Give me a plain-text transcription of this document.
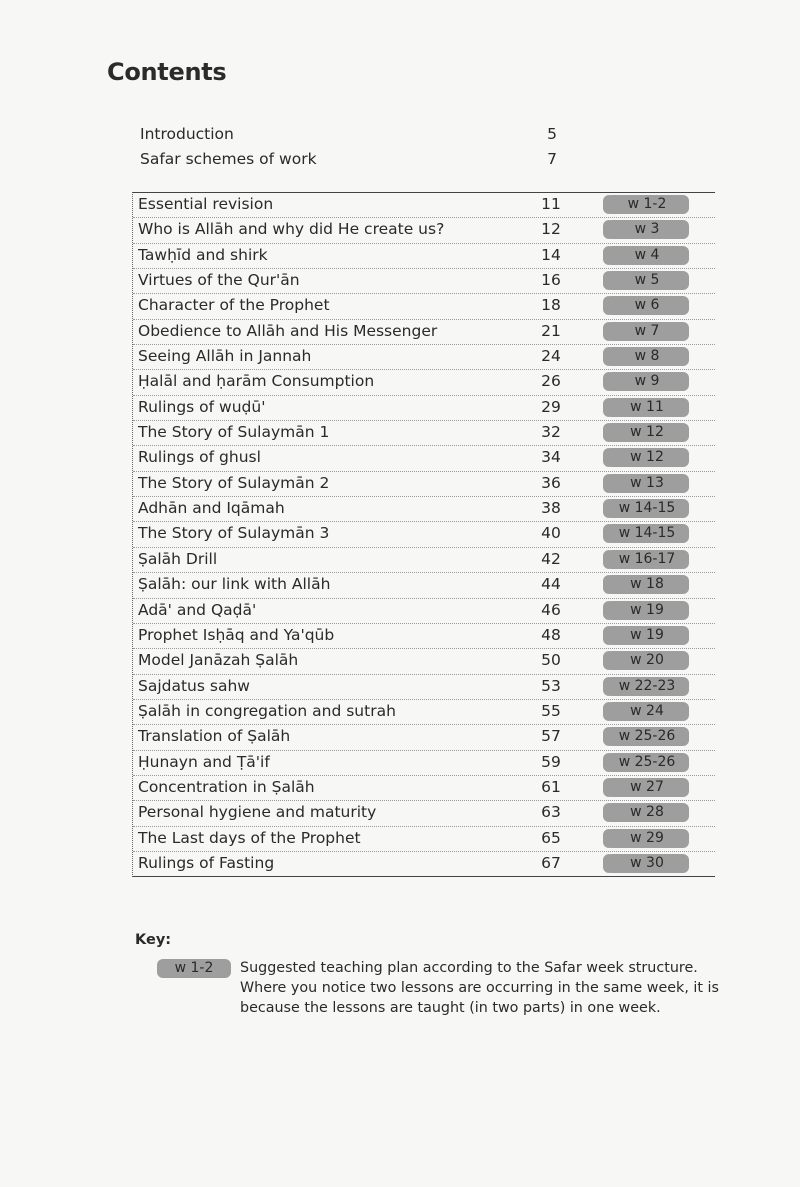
Contents
Introduction	5
Safar schemes of work	7
Essential revision	11	w 1-2
Who is Allāh and why did He create us?	12	w 3
Tawḥīd and shirk	14	w 4
Virtues of the Qur'ān	16	w 5
Character of the Prophet	18	w 6
Obedience to Allāh and His Messenger	21	w 7
Seeing Allāh in Jannah	24	w 8
Ḥalāl and ḥarām Consumption	26	w 9
Rulings of wuḍū'	29	w 11
The Story of Sulaymān 1	32	w 12
Rulings of ghusl	34	w 12
The Story of Sulaymān 2	36	w 13
Adhān and Iqāmah	38	w 14-15
The Story of Sulaymān 3	40	w 14-15
Ṣalāh Drill	42	w 16-17
Ṣalāh: our link with Allāh	44	w 18
Adā' and Qaḍā'	46	w 19
Prophet Isḥāq and Ya'qūb	48	w 19
Model Janāzah Ṣalāh	50	w 20
Sajdatus sahw	53	w 22-23
Ṣalāh in congregation and sutrah	55	w 24
Translation of Ṣalāh	57	w 25-26
Ḥunayn and Ṭā'if	59	w 25-26
Concentration in Ṣalāh	61	w 27
Personal hygiene and maturity	63	w 28
The Last days of the Prophet	65	w 29
Rulings of Fasting	67	w 30
Key:
w 1-2	Suggested teaching plan according to the Safar week structure.
Where you notice two lessons are occurring in the same week, it is
because the lessons are taught (in two parts) in one week.
